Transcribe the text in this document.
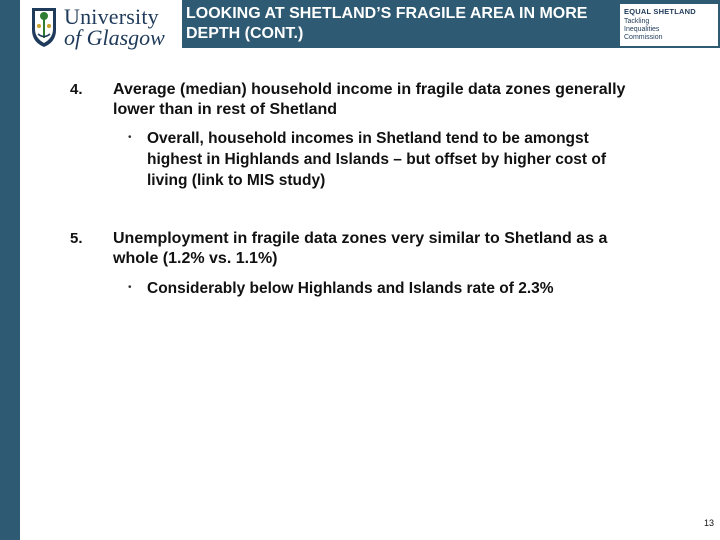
University
of Glasgow
LOOKING AT SHETLAND’S FRAGILE AREA IN MORE DEPTH (CONT.)
EQUAL SHETLAND
Tackling
Inequalities
Commission
4. Average (median) household income in fragile data zones generally lower than in rest of Shetland
• Overall, household incomes in Shetland tend to be amongst highest in Highlands and Islands – but offset by higher cost of living (link to MIS study)
5. Unemployment in fragile data zones very similar to Shetland as a whole (1.2% vs. 1.1%)
• Considerably below Highlands and Islands rate of 2.3%
13
